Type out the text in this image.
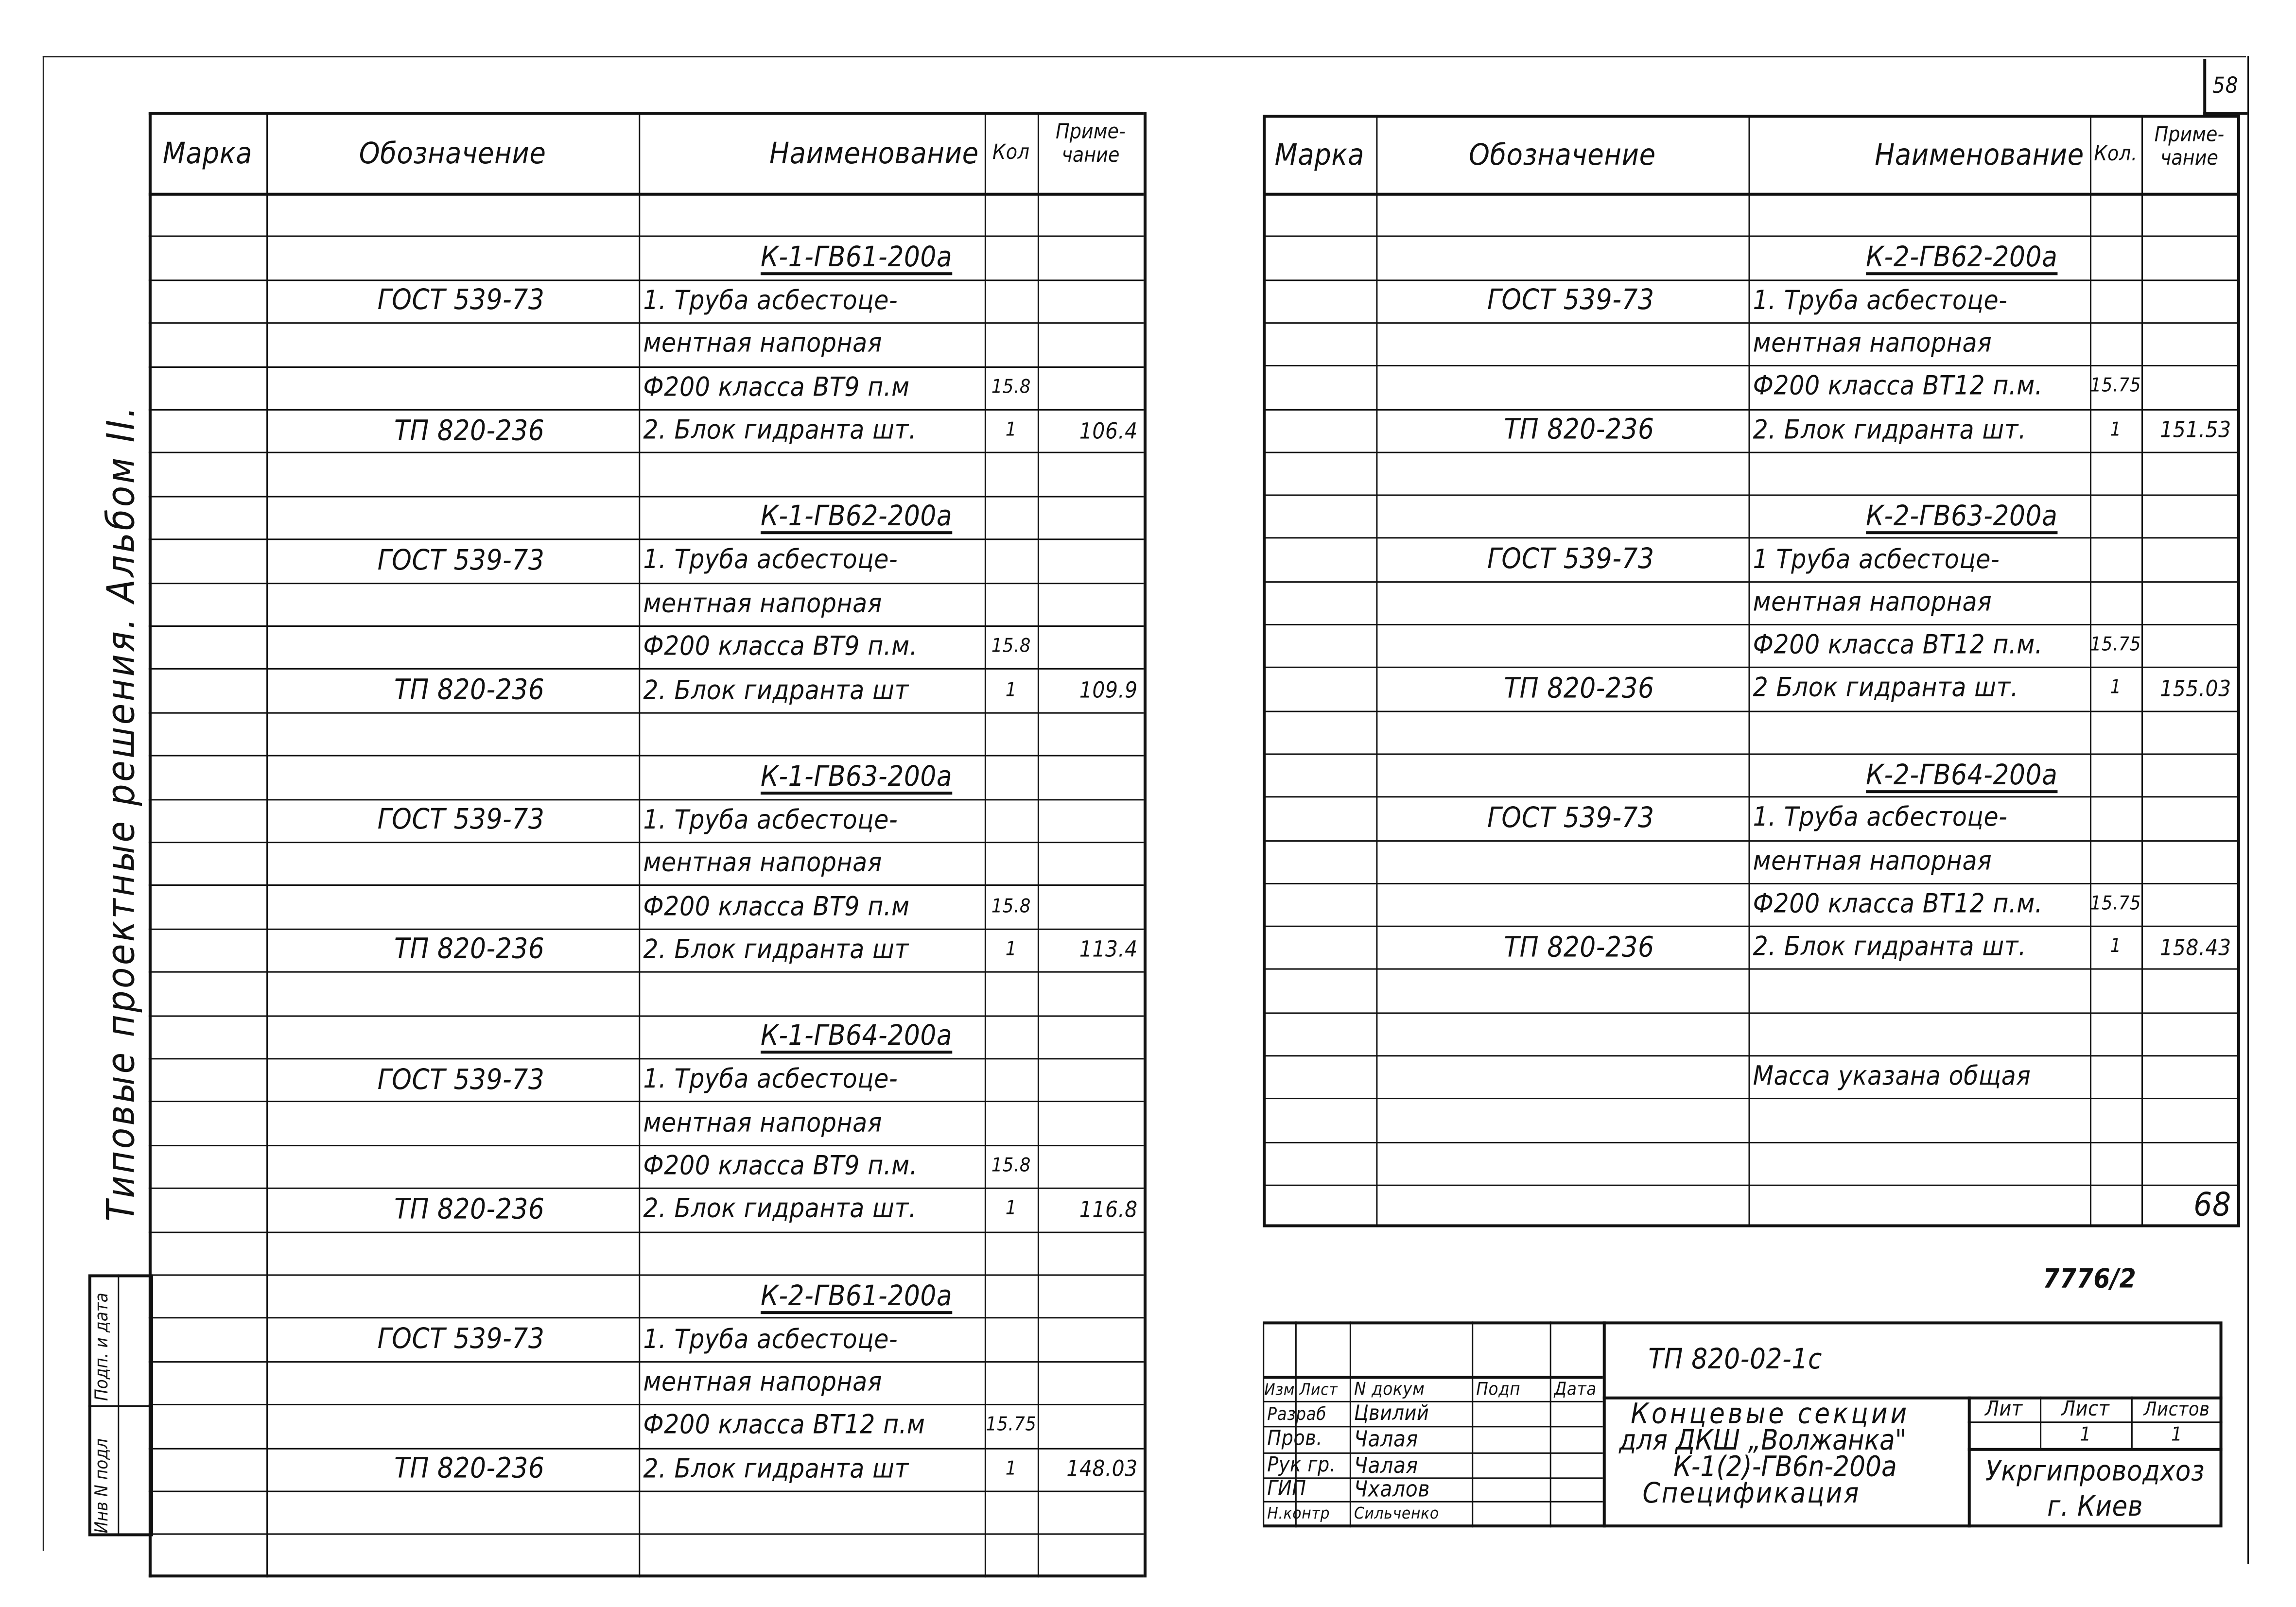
58
Типовые проектные решения. Альбом II.
Инв N подл
Подп. и дата
7776/2
Изм Лист	N докум	Подп	Дата
Разраб	Цвилий
Пров.	Чалая
Рук гр.	Чалая
ГИП	Чхалов
Н.контр	Сильченко
ТП 820-02-1с
Концевые секции
для ДКШ „Волжанка"
К-1(2)-ГВ6n-200а
Спецификация
Лит	Лист	Листов
1	1
Укргипроводхоз
г. Киев
Марка	Обозначение	Наименование	Кол
Приме-
чание
К-1-ГВ61-200а
ГОСТ 539-73	1. Труба асбестоце-
ментная напорная
Ф200 класса ВТ9 п.м	15.8
ТП 820-236	2. Блок гидранта шт.	1	106.4
К-1-ГВ62-200а
ГОСТ 539-73	1. Труба асбестоце-
ментная напорная
Ф200 класса ВТ9 п.м.	15.8
ТП 820-236	2. Блок гидранта шт	1	109.9
К-1-ГВ63-200а
ГОСТ 539-73	1. Труба асбестоце-
ментная напорная
Ф200 класса ВТ9 п.м	15.8
ТП 820-236	2. Блок гидранта шт	1	113.4
К-1-ГВ64-200а
ГОСТ 539-73	1. Труба асбестоце-
ментная напорная
Ф200 класса ВТ9 п.м.	15.8
ТП 820-236	2. Блок гидранта шт.	1	116.8
К-2-ГВ61-200а
ГОСТ 539-73	1. Труба асбестоце-
ментная напорная
Ф200 класса ВТ12 п.м	15.75
ТП 820-236	2. Блок гидранта шт	1	148.03
Марка	Обозначение	Наименование	Кол.
Приме-
чание
К-2-ГВ62-200а
ГОСТ 539-73	1. Труба асбестоце-
ментная напорная
Ф200 класса ВТ12 п.м.	15.75
ТП 820-236	2. Блок гидранта шт.	1	151.53
К-2-ГВ63-200а
ГОСТ 539-73	1 Труба асбестоце-
ментная напорная
Ф200 класса ВТ12 п.м.	15.75
ТП 820-236	2 Блок гидранта шт.	1	155.03
К-2-ГВ64-200а
ГОСТ 539-73	1. Труба асбестоце-
ментная напорная
Ф200 класса ВТ12 п.м.	15.75
ТП 820-236	2. Блок гидранта шт.	1	158.43
Масса указана общая
68
